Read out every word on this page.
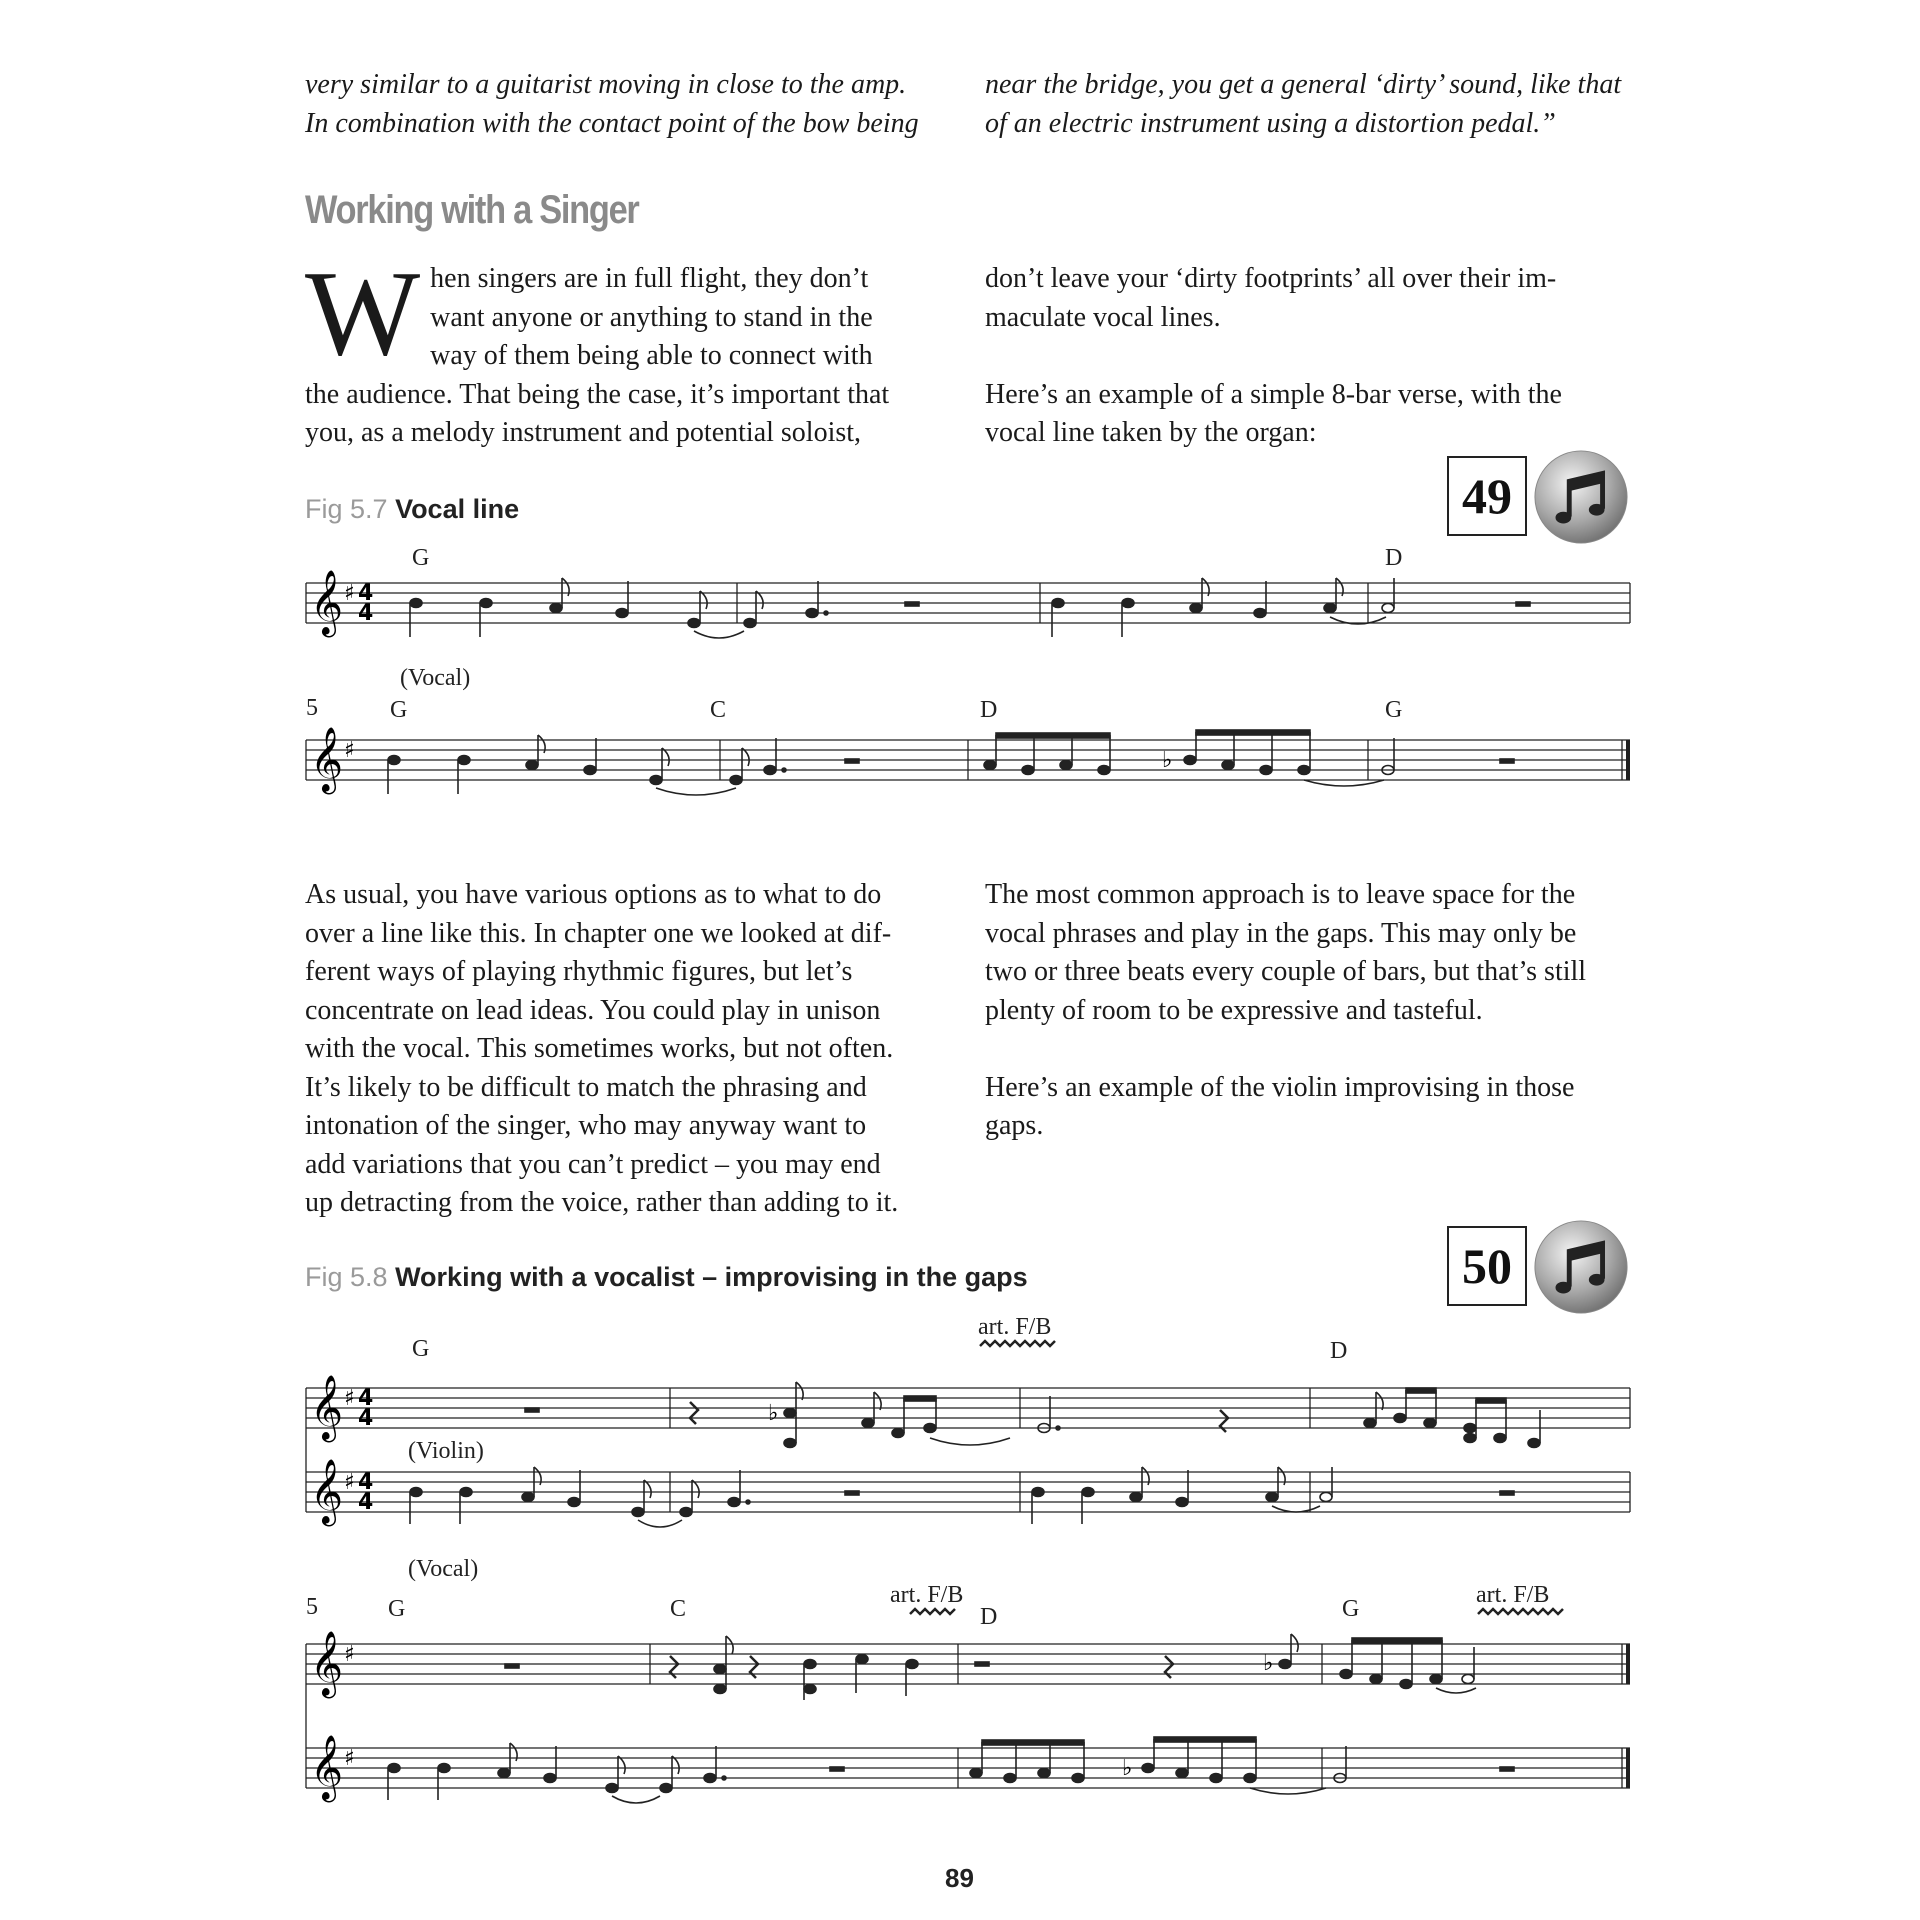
very similar to a guitarist moving in close to the amp.

In combination with the contact point of the bow being

near the bridge, you get a general ‘dirty’ sound, like that

of an electric instrument using a distortion pedal.”

Working with a Singer
W hen singers are in full flight, they don’t

want anyone or anything to stand in the

way of them being able to connect with

the audience. That being the case, it’s important that

you, as a melody instrument and potential soloist,

don’t leave your ‘dirty footprints’ all over their im-

maculate vocal lines.

Here’s an example of a simple 8-bar verse, with the

vocal line taken by the organ:

Fig 5.7 Vocal line	49
𝄞 ♯ 4
4
G	D
(Vocal)
5	G	C	D	G
𝄞 ♯	♭

As usual, you have various options as to what to do

over a line like this. In chapter one we looked at dif-

ferent ways of playing rhythmic figures, but let’s

concentrate on lead ideas. You could play in unison

with the vocal. This sometimes works, but not often.

It’s likely to be difficult to match the phrasing and

intonation of the singer, who may anyway want to

add variations that you can’t predict – you may end

up detracting from the voice, rather than adding to it.

The most common approach is to leave space for the

vocal phrases and play in the gaps. This may only be

two or three beats every couple of bars, but that’s still

plenty of room to be expressive and tasteful.

Here’s an example of the violin improvising in those

gaps.

Fig 5.8 Working with a vocalist – improvising in the gaps	50
G	D
art. F/B
𝄞 ♯ 4
4	♭
(Violin)
𝄞 ♯ 4
4
(Vocal)
5	G	C	D	G
art. F/B	art. F/B
𝄞 ♯	♭
𝄞 ♯	♭
89
